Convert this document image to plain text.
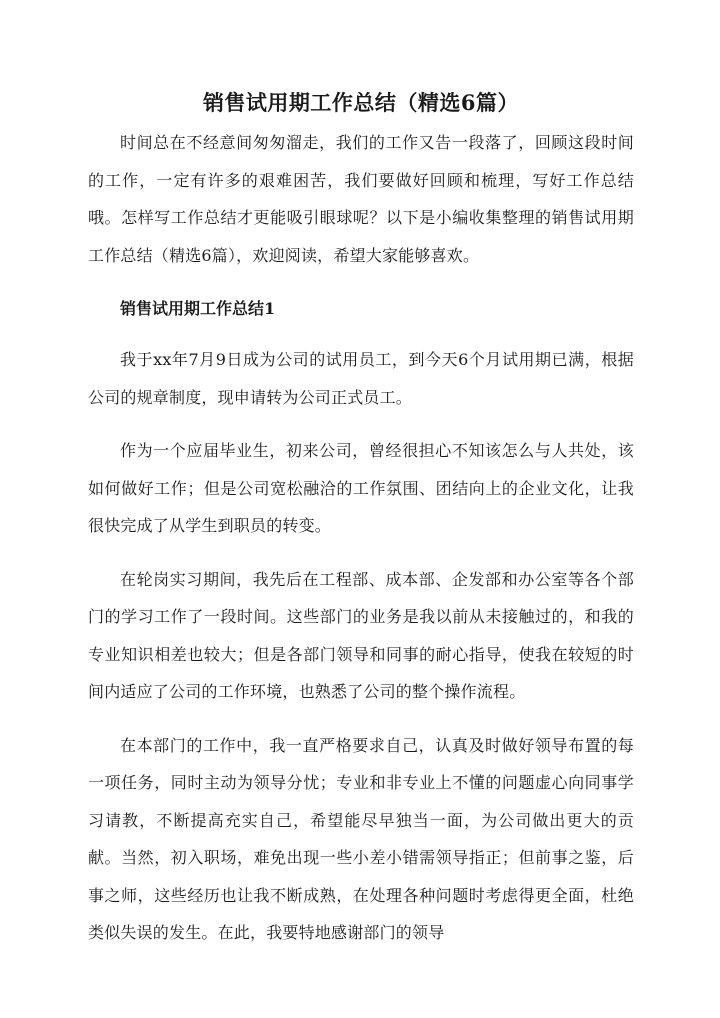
销售试用期工作总结（精选6篇）

时间总在不经意间匆匆溜走，我们的工作又告一段落了，回顾这段时间的工作，一定有许多的艰难困苦，我们要做好回顾和梳理，写好工作总结哦。怎样写工作总结才更能吸引眼球呢？以下是小编收集整理的销售试用期工作总结（精选6篇），欢迎阅读，希望大家能够喜欢。

销售试用期工作总结1

我于xx年7月9日成为公司的试用员工，到今天6个月试用期已满，根据公司的规章制度，现申请转为公司正式员工。

作为一个应届毕业生，初来公司，曾经很担心不知该怎么与人共处，该如何做好工作；但是公司宽松融洽的工作氛围、团结向上的企业文化，让我很快完成了从学生到职员的转变。

在轮岗实习期间，我先后在工程部、成本部、企发部和办公室等各个部门的学习工作了一段时间。这些部门的业务是我以前从未接触过的，和我的专业知识相差也较大；但是各部门领导和同事的耐心指导，使我在较短的时间内适应了公司的工作环境，也熟悉了公司的整个操作流程。

在本部门的工作中，我一直严格要求自己，认真及时做好领导布置的每一项任务，同时主动为领导分忧；专业和非专业上不懂的问题虚心向同事学习请教，不断提高充实自己，希望能尽早独当一面，为公司做出更大的贡献。当然，初入职场，难免出现一些小差小错需领导指正；但前事之鉴，后事之师，这些经历也让我不断成熟，在处理各种问题时考虑得更全面，杜绝类似失误的发生。在此，我要特地感谢部门的领导
